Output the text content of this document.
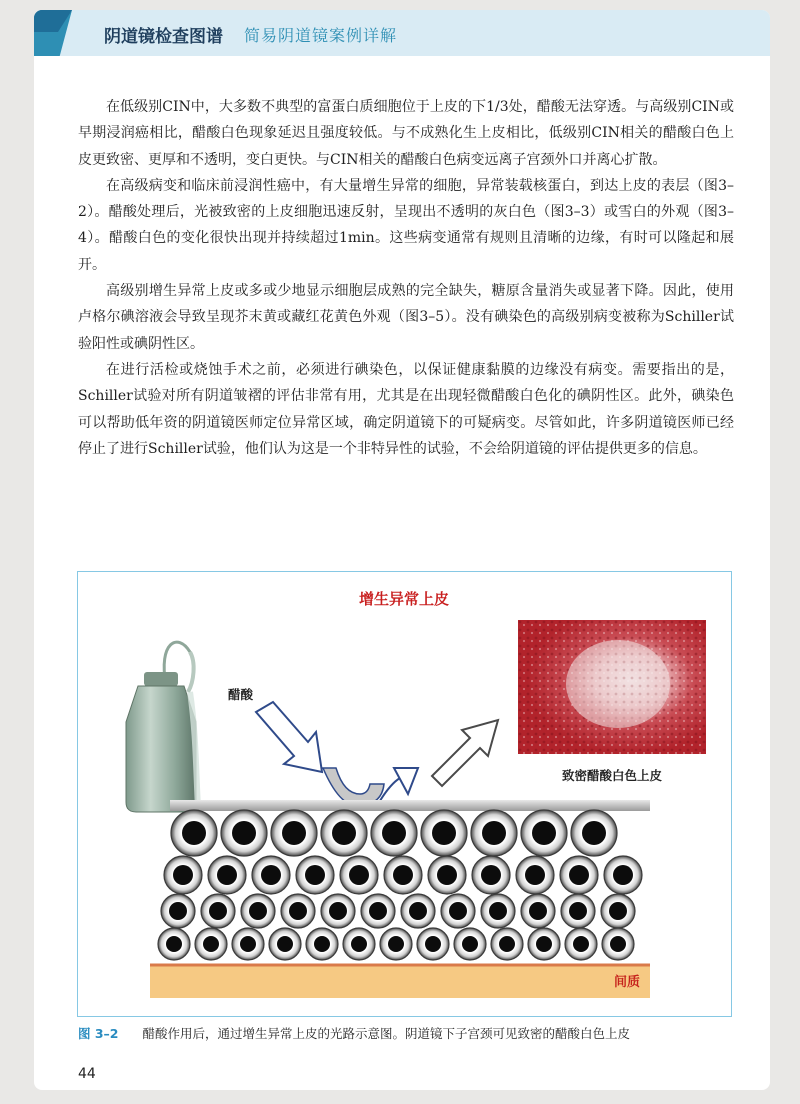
阴道镜检查图谱 简易阴道镜案例详解

在低级别CIN中，大多数不典型的富蛋白质细胞位于上皮的下1/3处，醋酸无法穿透。与高级别CIN或早期浸润癌相比，醋酸白色现象延迟且强度较低。与不成熟化生上皮相比，低级别CIN相关的醋酸白色上皮更致密、更厚和不透明，变白更快。与CIN相关的醋酸白色病变远离子宫颈外口并离心扩散。

在高级病变和临床前浸润性癌中，有大量增生异常的细胞，异常装载核蛋白，到达上皮的表层（图3–2）。醋酸处理后，光被致密的上皮细胞迅速反射，呈现出不透明的灰白色（图3–3）或雪白的外观（图3–4）。醋酸白色的变化很快出现并持续超过1min。这些病变通常有规则且清晰的边缘，有时可以隆起和展开。

高级别增生异常上皮或多或少地显示细胞层成熟的完全缺失，糖原含量消失或显著下降。因此，使用卢格尔碘溶液会导致呈现芥末黄或藏红花黄色外观（图3–5）。没有碘染色的高级别病变被称为Schiller试验阳性或碘阴性区。

在进行活检或烧蚀手术之前，必须进行碘染色，以保证健康黏膜的边缘没有病变。需要指出的是，Schiller试验对所有阴道皱褶的评估非常有用，尤其是在出现轻微醋酸白色化的碘阴性区。此外，碘染色可以帮助低年资的阴道镜医师定位异常区域，确定阴道镜下的可疑病变。尽管如此，许多阴道镜医师已经停止了进行Schiller试验，他们认为这是一个非特异性的试验，不会给阴道镜的评估提供更多的信息。

增生异常上皮
醋酸
致密醋酸白色上皮
间质
图 3–2 醋酸作用后，通过增生异常上皮的光路示意图。阴道镜下子宫颈可见致密的醋酸白色上皮
44
